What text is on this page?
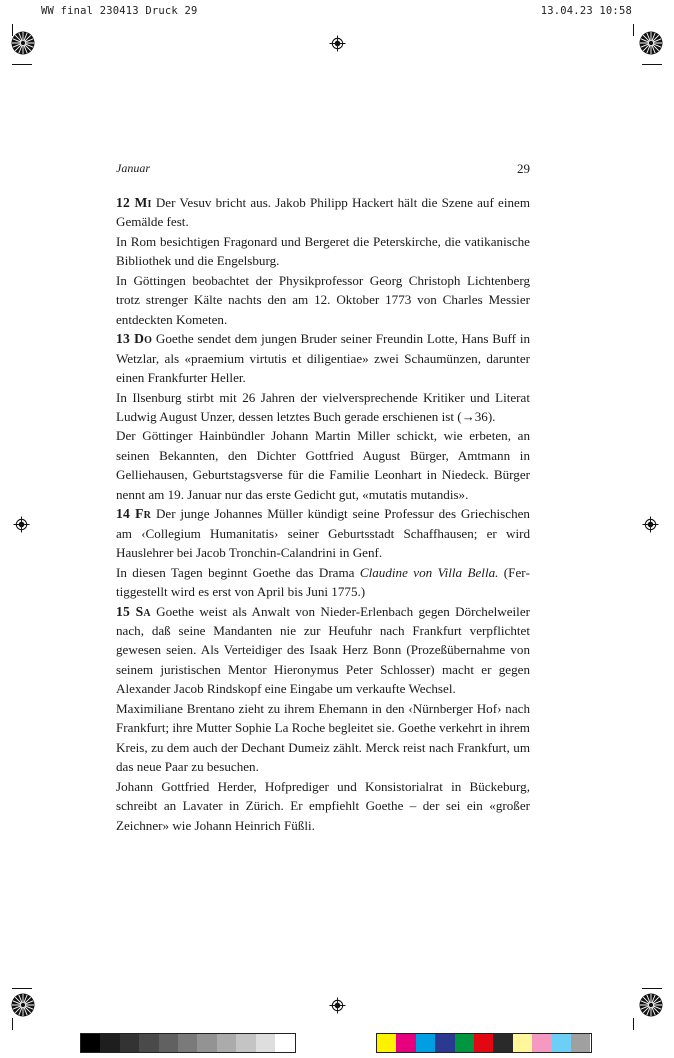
WW final 230413 Druck 29	13.04.23 10:58
Januar	29

12 Mi Der Vesuv bricht aus. Jakob Philipp Hackert hält die Szene auf einem Gemälde fest.

In Rom besichtigen Fragonard und Bergeret die Peterskirche, die vatikanische Bibliothek und die Engelsburg.

In Göttingen beobachtet der Physikprofessor Georg Christoph Lichtenberg trotz strenger Kälte nachts den am 12. Oktober 1773 von Charles Messier entdeckten Kometen.

13 Do Goethe sendet dem jungen Bruder seiner Freundin Lotte, Hans Buff in Wetzlar, als «praemium virtutis et diligentiae» zwei Schaumünzen, darunter einen Frankfurter Heller.

In Ilsenburg stirbt mit 26 Jahren der vielversprechende Kritiker und Literat Ludwig August Unzer, dessen letztes Buch gerade erschienen ist (→36).

Der Göttinger Hainbündler Johann Martin Miller schickt, wie erbeten, an seinen Bekannten, den Dichter Gottfried August Bürger, Amtmann in Gelliehausen, Geburtstagsverse für die Familie Leonhart in Niedeck. Bürger nennt am 19. Januar nur das erste Gedicht gut, «mutatis mutandis».

14 Fr Der junge Johannes Müller kündigt seine Professur des Griechischen am ‹Collegium Humanitatis› seiner Geburtsstadt Schaffhausen; er wird Hauslehrer bei Jacob Tronchin-Calandrini in Genf.

In diesen Tagen beginnt Goethe das Drama Claudine von Villa Bella. (Fertiggestellt wird es erst von April bis Juni 1775.)

15 Sa Goethe weist als Anwalt von Nieder-Erlenbach gegen Dörchelweiler nach, daß seine Mandanten nie zur Heufuhr nach Frankfurt verpflichtet gewesen seien. Als Verteidiger des Isaak Herz Bonn (Prozeßübernahme von seinem juristischen Mentor Hieronymus Peter Schlosser) macht er gegen Alexander Jacob Rindskopf eine Eingabe um verkaufte Wechsel.

Maximiliane Brentano zieht zu ihrem Ehemann in den ‹Nürnberger Hof› nach Frankfurt; ihre Mutter Sophie La Roche begleitet sie. Goethe verkehrt in ihrem Kreis, zu dem auch der Dechant Dumeiz zählt. Merck reist nach Frankfurt, um das neue Paar zu besuchen.

Johann Gottfried Herder, Hofprediger und Konsistorialrat in Bückeburg, schreibt an Lavater in Zürich. Er empfiehlt Goethe – der sei ein «großer Zeichner» wie Johann Heinrich Füßli.
